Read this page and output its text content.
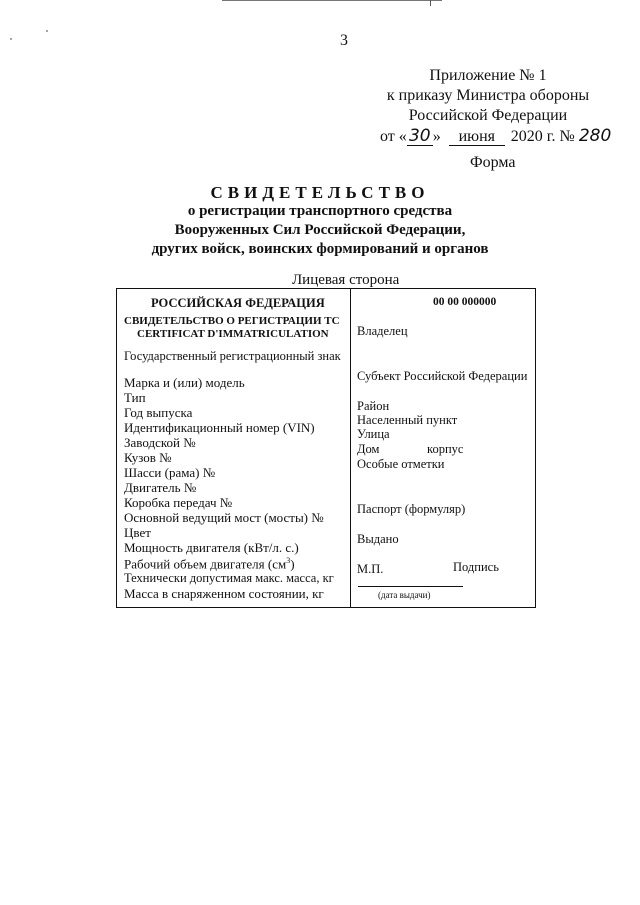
3
Приложение № 1
к приказу Министра обороны
Российской Федерации
от « 30 » июня 2020 г. № 280
Форма
СВИДЕТЕЛЬСТВО
о регистрации транспортного средства
Вооруженных Сил Российской Федерации,
других войск, воинских формирований и органов
Лицевая сторона
РОССИЙСКАЯ ФЕДЕРАЦИЯ
СВИДЕТЕЛЬСТВО О РЕГИСТРАЦИИ ТС
CERTIFICAT D'IMMATRICULATION
Государственный регистрационный знак
Марка и (или) модель
Тип
Год выпуска
Идентификационный номер (VIN)
Заводской №
Кузов №
Шасси (рама) №
Двигатель №
Коробка передач №
Основной ведущий мост (мосты) №
Цвет
Мощность двигателя (кВт/л. с.)
Рабочий объем двигателя $(см^3)$
Технически допустимая макс. масса, кг
Масса в снаряженном состоянии, кг
00 00 000000
Владелец
Субъект Российской Федерации
Район
Населенный пункт
Улица
Дом	корпус
Особые отметки
Паспорт (формуляр)
Выдано
М.П.	Подпись
(дата выдачи)
